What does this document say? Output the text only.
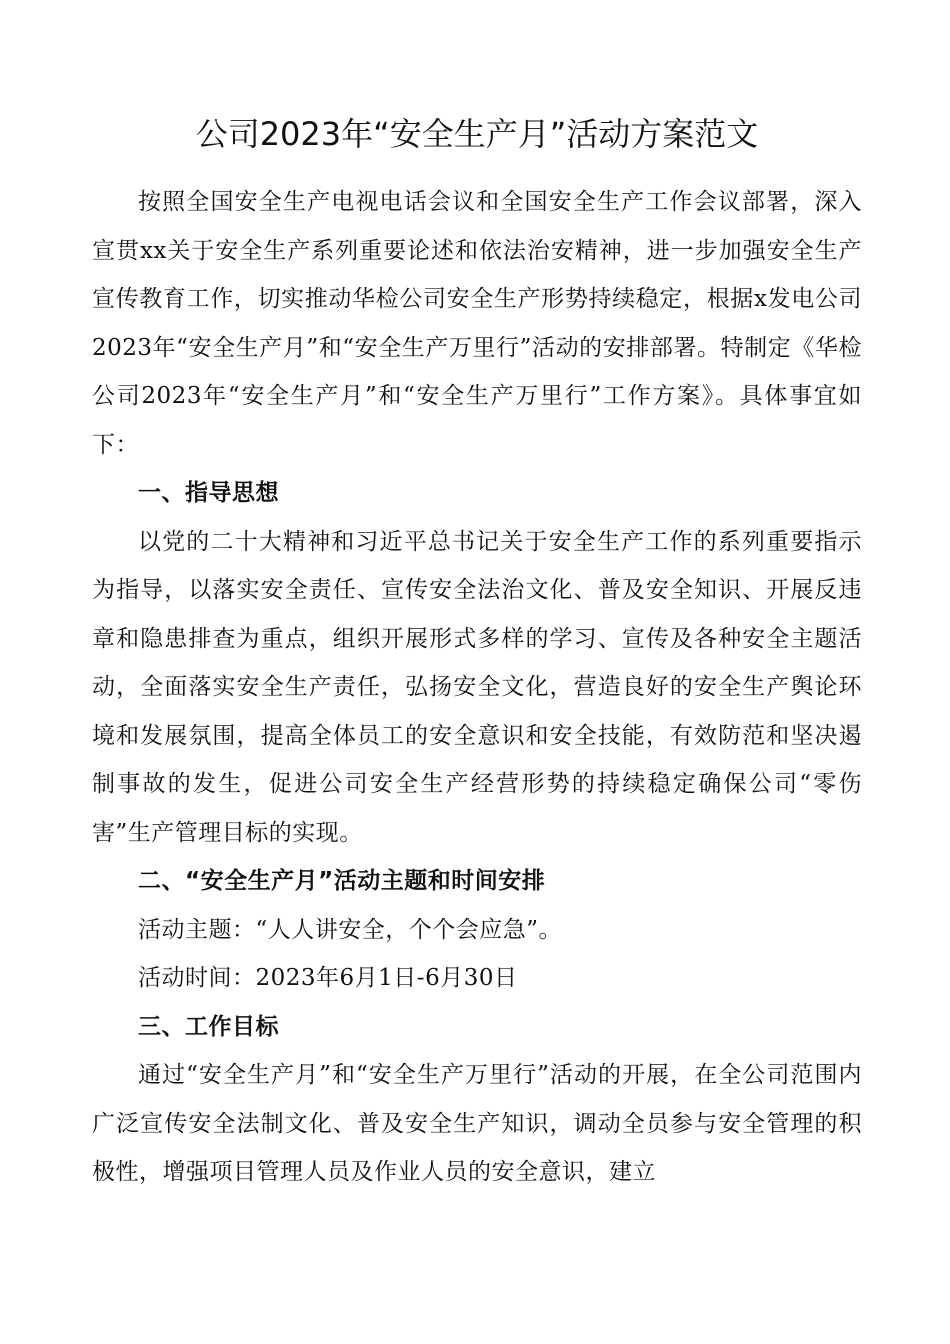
公司2023年“安全生产月”活动方案范文

按照全国安全生产电视电话会议和全国安全生产工作会议部署，深入宣贯xx关于安全生产系列重要论述和依法治安精神，进一步加强安全生产宣传教育工作，切实推动华检公司安全生产形势持续稳定，根据x发电公司2023年“安全生产月”和“安全生产万里行”活动的安排部署。特制定《华检公司2023年“安全生产月”和“安全生产万里行”工作方案》。具体事宜如下：

一、指导思想

以党的二十大精神和习近平总书记关于安全生产工作的系列重要指示为指导，以落实安全责任、宣传安全法治文化、普及安全知识、开展反违章和隐患排查为重点，组织开展形式多样的学习、宣传及各种安全主题活动，全面落实安全生产责任，弘扬安全文化，营造良好的安全生产舆论环境和发展氛围，提高全体员工的安全意识和安全技能，有效防范和坚决遏制事故的发生，促进公司安全生产经营形势的持续稳定确保公司“零伤害”生产管理目标的实现。

二、“安全生产月”活动主题和时间安排

活动主题：“人人讲安全，个个会应急”。

活动时间：2023年6月1日-6月30日

三、工作目标

通过“安全生产月”和“安全生产万里行”活动的开展，在全公司范围内广泛宣传安全法制文化、普及安全生产知识，调动全员参与安全管理的积极性，增强项目管理人员及作业人员的安全意识，建立
